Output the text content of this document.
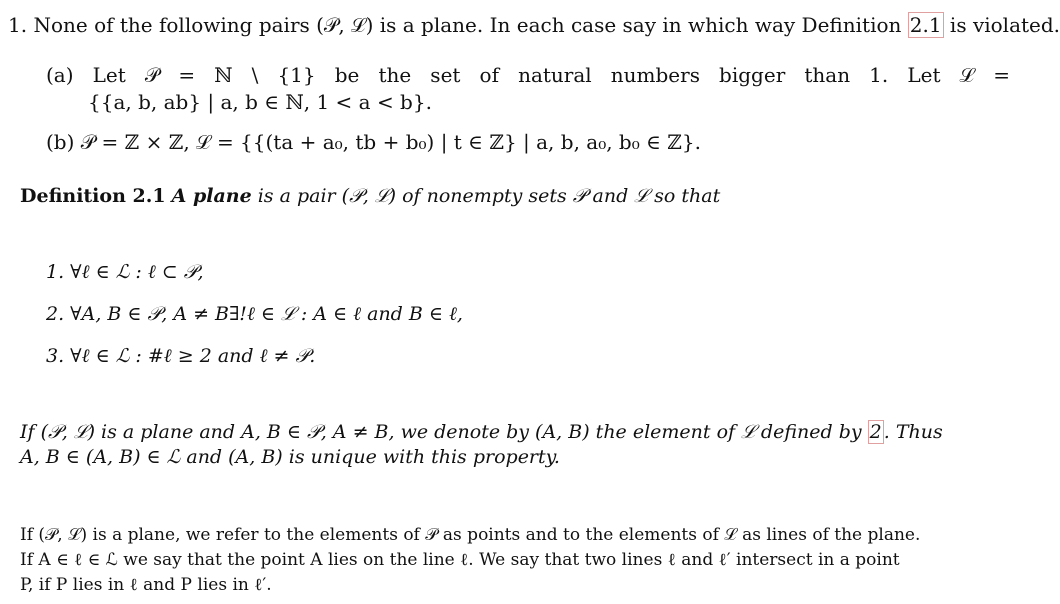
1. None of the following pairs (𝒫, ℒ) is a plane. In each case say in which way Definition 2.1 is violated.
(a) Let 𝒫 = ℕ \ {1} be the set of natural numbers bigger than 1. Let ℒ =
{{a, b, ab} | a, b ∈ ℕ, 1 < a < b}.
(b) 𝒫 = ℤ × ℤ, ℒ = {{(ta + a₀, tb + b₀) | t ∈ ℤ} | a, b, a₀, b₀ ∈ ℤ}.
Definition 2.1 A plane is a pair (𝒫, ℒ) of nonempty sets 𝒫 and ℒ so that
1. ∀ℓ ∈ ℒ : ℓ ⊂ 𝒫,
2. ∀A, B ∈ 𝒫, A ≠ B∃!ℓ ∈ ℒ : A ∈ ℓ and B ∈ ℓ,
3. ∀ℓ ∈ ℒ : #ℓ ≥ 2 and ℓ ≠ 𝒫.
If (𝒫, ℒ) is a plane and A, B ∈ 𝒫, A ≠ B, we denote by (A, B) the element of ℒ defined by 2 . Thus
A, B ∈ (A, B) ∈ ℒ and (A, B) is unique with this property.
If (𝒫, ℒ) is a plane, we refer to the elements of 𝒫 as points and to the elements of ℒ as lines of the plane.
If A ∈ ℓ ∈ ℒ we say that the point A lies on the line ℓ. We say that two lines ℓ and ℓ′ intersect in a point
P, if P lies in ℓ and P lies in ℓ′.
